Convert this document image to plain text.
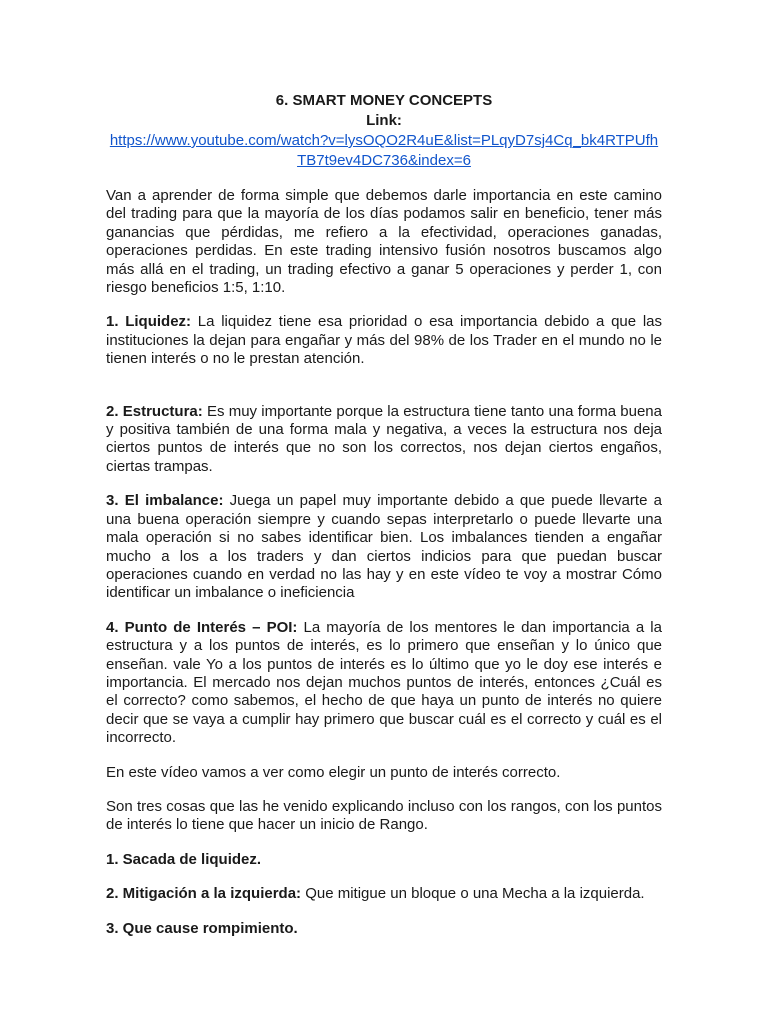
6. SMART MONEY CONCEPTS
Link:
https://www.youtube.com/watch?v=lysOQO2R4uE&list=PLqyD7sj4Cq_bk4RTPUfhTB7t9ev4DC736&index=6

Van a aprender de forma simple que debemos darle importancia en este camino del trading para que la mayoría de los días podamos salir en beneficio, tener más ganancias que pérdidas, me refiero a la efectividad, operaciones ganadas, operaciones perdidas. En este trading intensivo fusión nosotros buscamos algo más allá en el trading, un trading efectivo a ganar 5 operaciones y perder 1, con riesgo beneficios 1:5, 1:10.

1. Liquidez: La liquidez tiene esa prioridad o esa importancia debido a que las instituciones la dejan para engañar y más del 98% de los Trader en el mundo no le tienen interés o no le prestan atención.

2. Estructura: Es muy importante porque la estructura tiene tanto una forma buena y positiva también de una forma mala y negativa, a veces la estructura nos deja ciertos puntos de interés que no son los correctos, nos dejan ciertos engaños, ciertas trampas.

3. El imbalance: Juega un papel muy importante debido a que puede llevarte a una buena operación siempre y cuando sepas interpretarlo o puede llevarte una mala operación si no sabes identificar bien. Los imbalances tienden a engañar mucho a los a los traders y dan ciertos indicios para que puedan buscar operaciones cuando en verdad no las hay y en este vídeo te voy a mostrar Cómo identificar un imbalance o ineficiencia

4. Punto de Interés – POI: La mayoría de los mentores le dan importancia a la estructura y a los puntos de interés, es lo primero que enseñan y lo único que enseñan. vale Yo a los puntos de interés es lo último que yo le doy ese interés e importancia. El mercado nos dejan muchos puntos de interés, entonces ¿Cuál es el correcto? como sabemos, el hecho de que haya un punto de interés no quiere decir que se vaya a cumplir hay primero que buscar cuál es el correcto y cuál es el incorrecto.

En este vídeo vamos a ver como elegir un punto de interés correcto.

Son tres cosas que las he venido explicando incluso con los rangos, con los puntos de interés lo tiene que hacer un inicio de Rango.

1. Sacada de liquidez.

2. Mitigación a la izquierda: Que mitigue un bloque o una Mecha a la izquierda.

3. Que cause rompimiento.
